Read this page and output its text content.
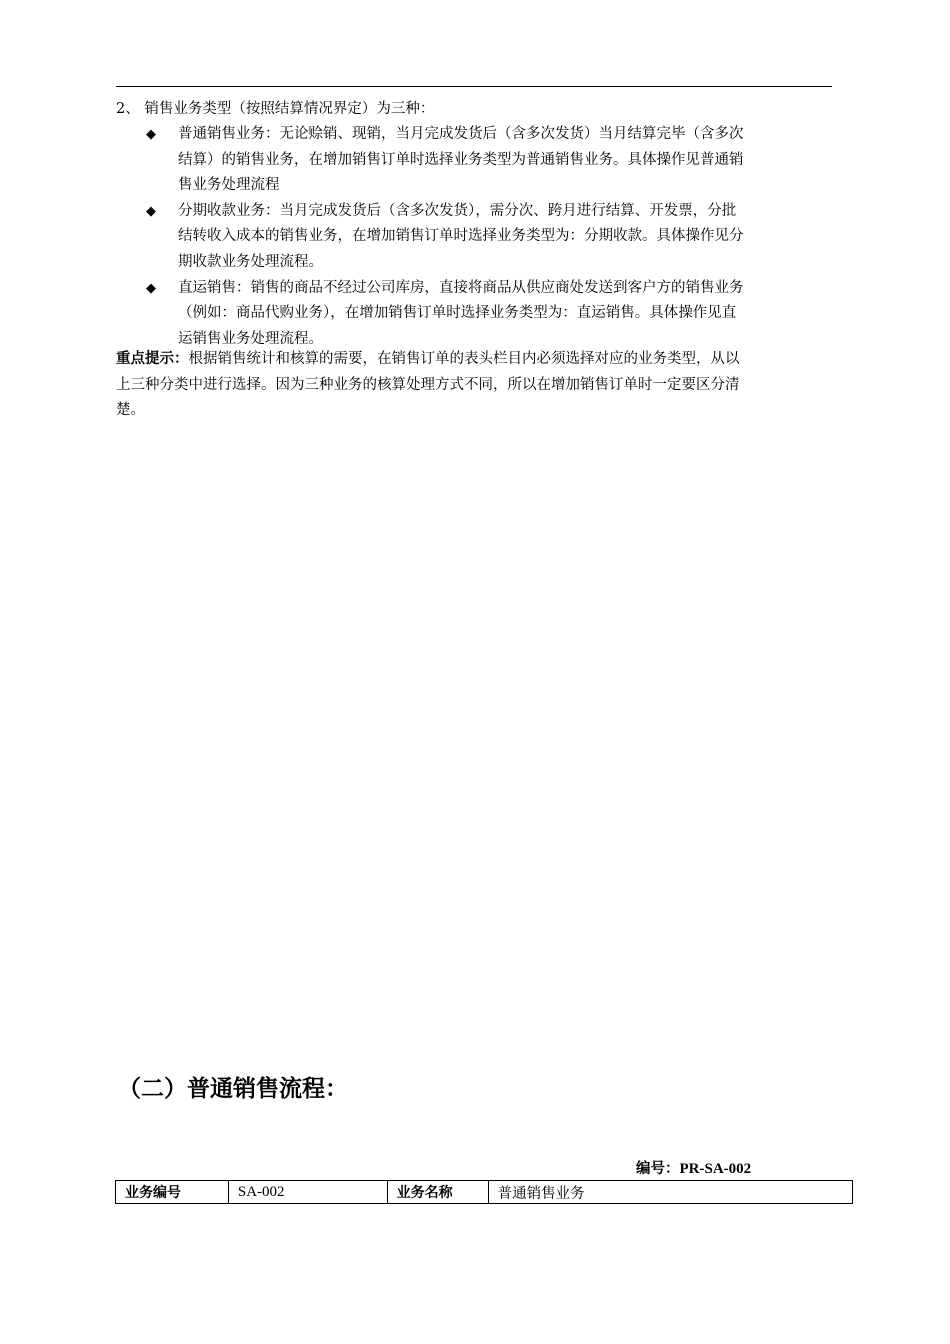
2、 销售业务类型（按照结算情况界定）为三种：
◆ 普通销售业务：无论赊销、现销，当月完成发货后（含多次发货）当月结算完毕（含多次
结算）的销售业务，在增加销售订单时选择业务类型为普通销售业务。具体操作见普通销
售业务处理流程
◆ 分期收款业务：当月完成发货后（含多次发货），需分次、跨月进行结算、开发票，分批
结转收入成本的销售业务，在增加销售订单时选择业务类型为：分期收款。具体操作见分
期收款业务处理流程。
◆ 直运销售：销售的商品不经过公司库房，直接将商品从供应商处发送到客户方的销售业务
（例如：商品代购业务），在增加销售订单时选择业务类型为：直运销售。具体操作见直
运销售业务处理流程。
重点提示：根据销售统计和核算的需要，在销售订单的表头栏目内必须选择对应的业务类型，从以
上三种分类中进行选择。因为三种业务的核算处理方式不同，所以在增加销售订单时一定要区分清
楚。
（二）普通销售流程：
编号：PR-SA-002
业务编号	SA-002	业务名称	普通销售业务
